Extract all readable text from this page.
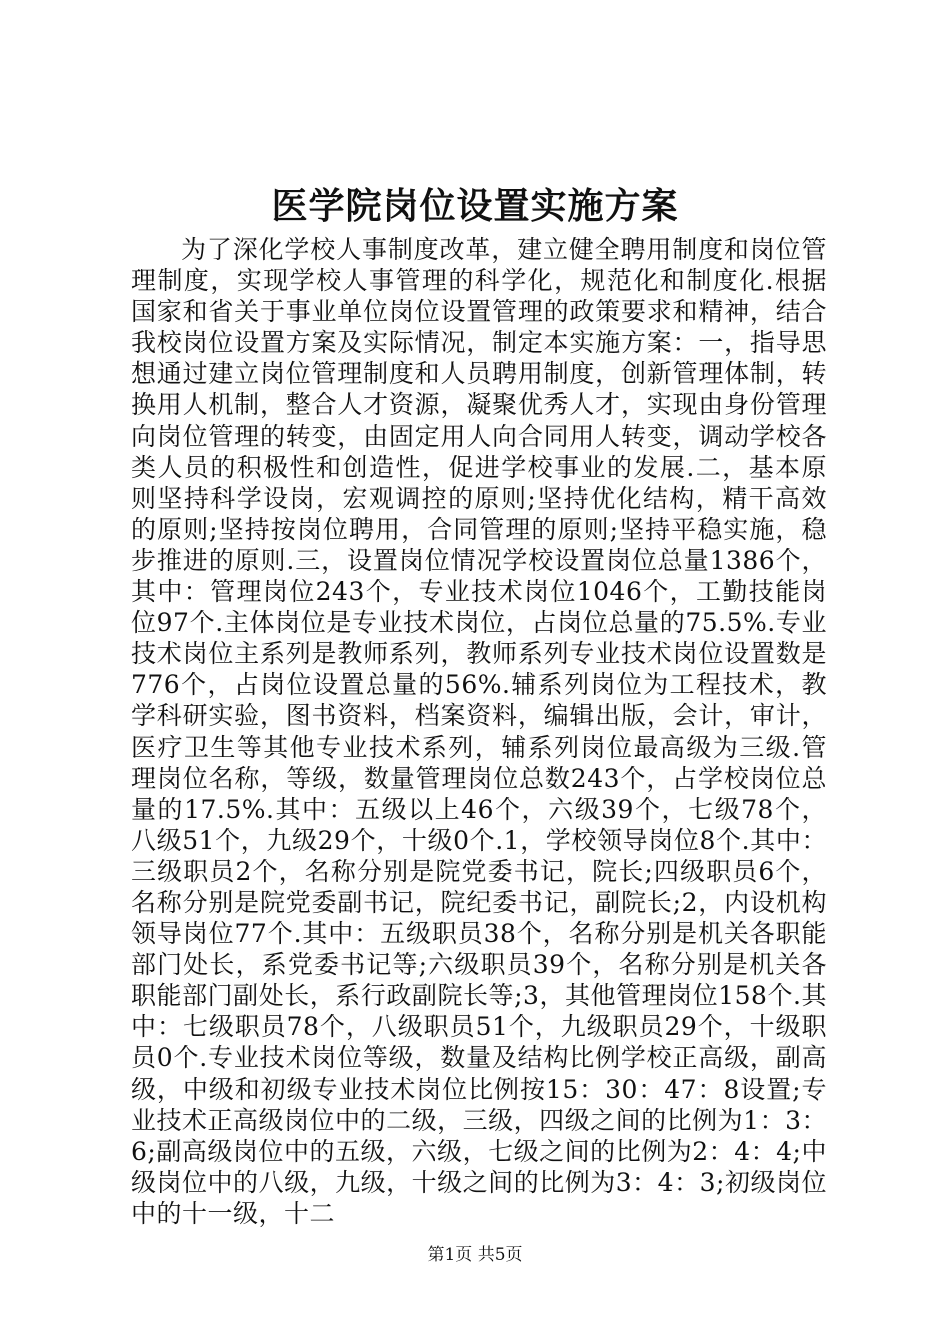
医学院岗位设置实施方案

为了深化学校人事制度改革，建立健全聘用制度和岗位管理制度，实现学校人事管理的科学化，规范化和制度化.根据国家和省关于事业单位岗位设置管理的政策要求和精神，结合我校岗位设置方案及实际情况，制定本实施方案：一，指导思想通过建立岗位管理制度和人员聘用制度，创新管理体制，转换用人机制，整合人才资源，凝聚优秀人才，实现由身份管理向岗位管理的转变，由固定用人向合同用人转变，调动学校各类人员的积极性和创造性，促进学校事业的发展.二，基本原则坚持科学设岗，宏观调控的原则;坚持优化结构，精干高效的原则;坚持按岗位聘用，合同管理的原则;坚持平稳实施，稳步推进的原则.三，设置岗位情况学校设置岗位总量1386个，其中：管理岗位243个，专业技术岗位1046个，工勤技能岗位97个.主体岗位是专业技术岗位，占岗位总量的75.5%.专业技术岗位主系列是教师系列，教师系列专业技术岗位设置数是776个，占岗位设置总量的56%.辅系列岗位为工程技术，教学科研实验，图书资料，档案资料，编辑出版，会计，审计，医疗卫生等其他专业技术系列，辅系列岗位最高级为三级.管理岗位名称，等级，数量管理岗位总数243个，占学校岗位总量的17.5%.其中：五级以上46个，六级39个，七级78个，八级51个，九级29个，十级0个.1，学校领导岗位8个.其中：三级职员2个，名称分别是院党委书记，院长;四级职员6个，名称分别是院党委副书记，院纪委书记，副院长;2，内设机构领导岗位77个.其中：五级职员38个，名称分别是机关各职能部门处长，系党委书记等;六级职员39个，名称分别是机关各职能部门副处长，系行政副院长等;3，其他管理岗位158个.其中：七级职员78个，八级职员51个，九级职员29个，十级职员0个.专业技术岗位等级，数量及结构比例学校正高级，副高级，中级和初级专业技术岗位比例按15：30：47：8设置;专业技术正高级岗位中的二级，三级，四级之间的比例为1：3：6;副高级岗位中的五级，六级，七级之间的比例为2：4：4;中级岗位中的八级，九级，十级之间的比例为3：4：3;初级岗位中的十一级，十二

第1页 共5页
